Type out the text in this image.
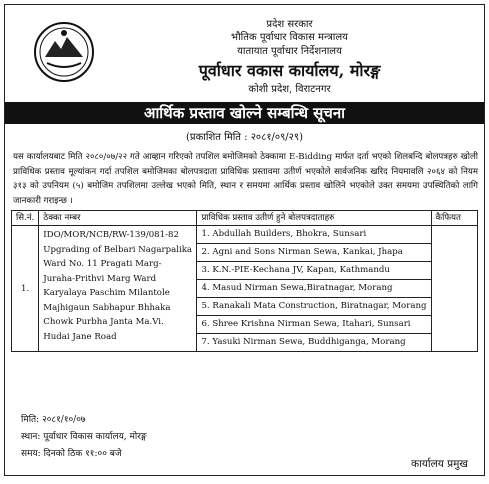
प्रदेश सरकार
भौतिक पूर्वाधार विकास मन्त्रालय
यातायात पूर्वाधार निर्देशनालय
पूर्वाधार वकास कार्यालय, मोरङ्ग
कोशी प्रदेश, विराटनगर
आर्थिक प्रस्ताव खोल्ने सम्बन्धि सूचना
(प्रकाशित मिति : २०८१/०९/२९)
यस कार्यालयबाट मिति २०८०/०७/२२ गते आव्हान गरिएको तपशिल बमोजिमको ठेक्कामा E-Bidding मार्फत दर्ता भएको शिलबन्दि बोलपत्रहरु खोली प्राविधिक प्रस्ताव मूल्यांकन गर्दा तपशिल बमोजिमका बोलपत्रदाता प्राविधिक प्रस्तावमा उतीर्ण भएकोले सार्वजनिक खरिद नियमावलि २०६४ को नियम ३१३ को उपनियम (५) बमोजिम तपशिलमा उल्लेख भएको मिति, स्थान र समयमा आर्थिक प्रस्ताव खोलिने भएकोले उक्त समयमा उपस्थितिको लागि जानकारी गराइन्छ ।
सि.नं.	ठेक्का नम्बर	प्राविधिक प्रस्ताव उतीर्ण हुने बोलपत्रदाताहरु	कैफियत
1.	IDO/MOR/NCB/RW-139/081-82 Upgrading of Belbari Nagarpalika Ward No. 11 Pragati Marg-Juraha-Prithvi Marg Ward Karyalaya Paschim Milantole Majhigaun Sabhapur Bhhaka Chowk Purbha Janta Ma.Vi. Hudai Jane Road	1. Abdullah Builders, Bhokra, Sunsari	
		2. Agni and Sons Nirman Sewa, Kankai, Jhapa	
		3. K.N.-PIE-Kechana JV, Kapan, Kathmandu	
		4. Masud Nirman Sewa,Biratnagar, Morang	
		5. Ranakali Mata Construction, Biratnagar, Morang	
		6. Shree Krishna Nirman Sewa, Itahari, Sunsari	
		7. Yasuki Nirman Sewa, Buddhiganga, Morang	
मिति: २०८१/१०/०७
स्थान: पूर्वाधार विकास कार्यालय, मोरङ्ग
समय: दिनको ठिक ११:०० बजे
कार्यालय प्रमुख
